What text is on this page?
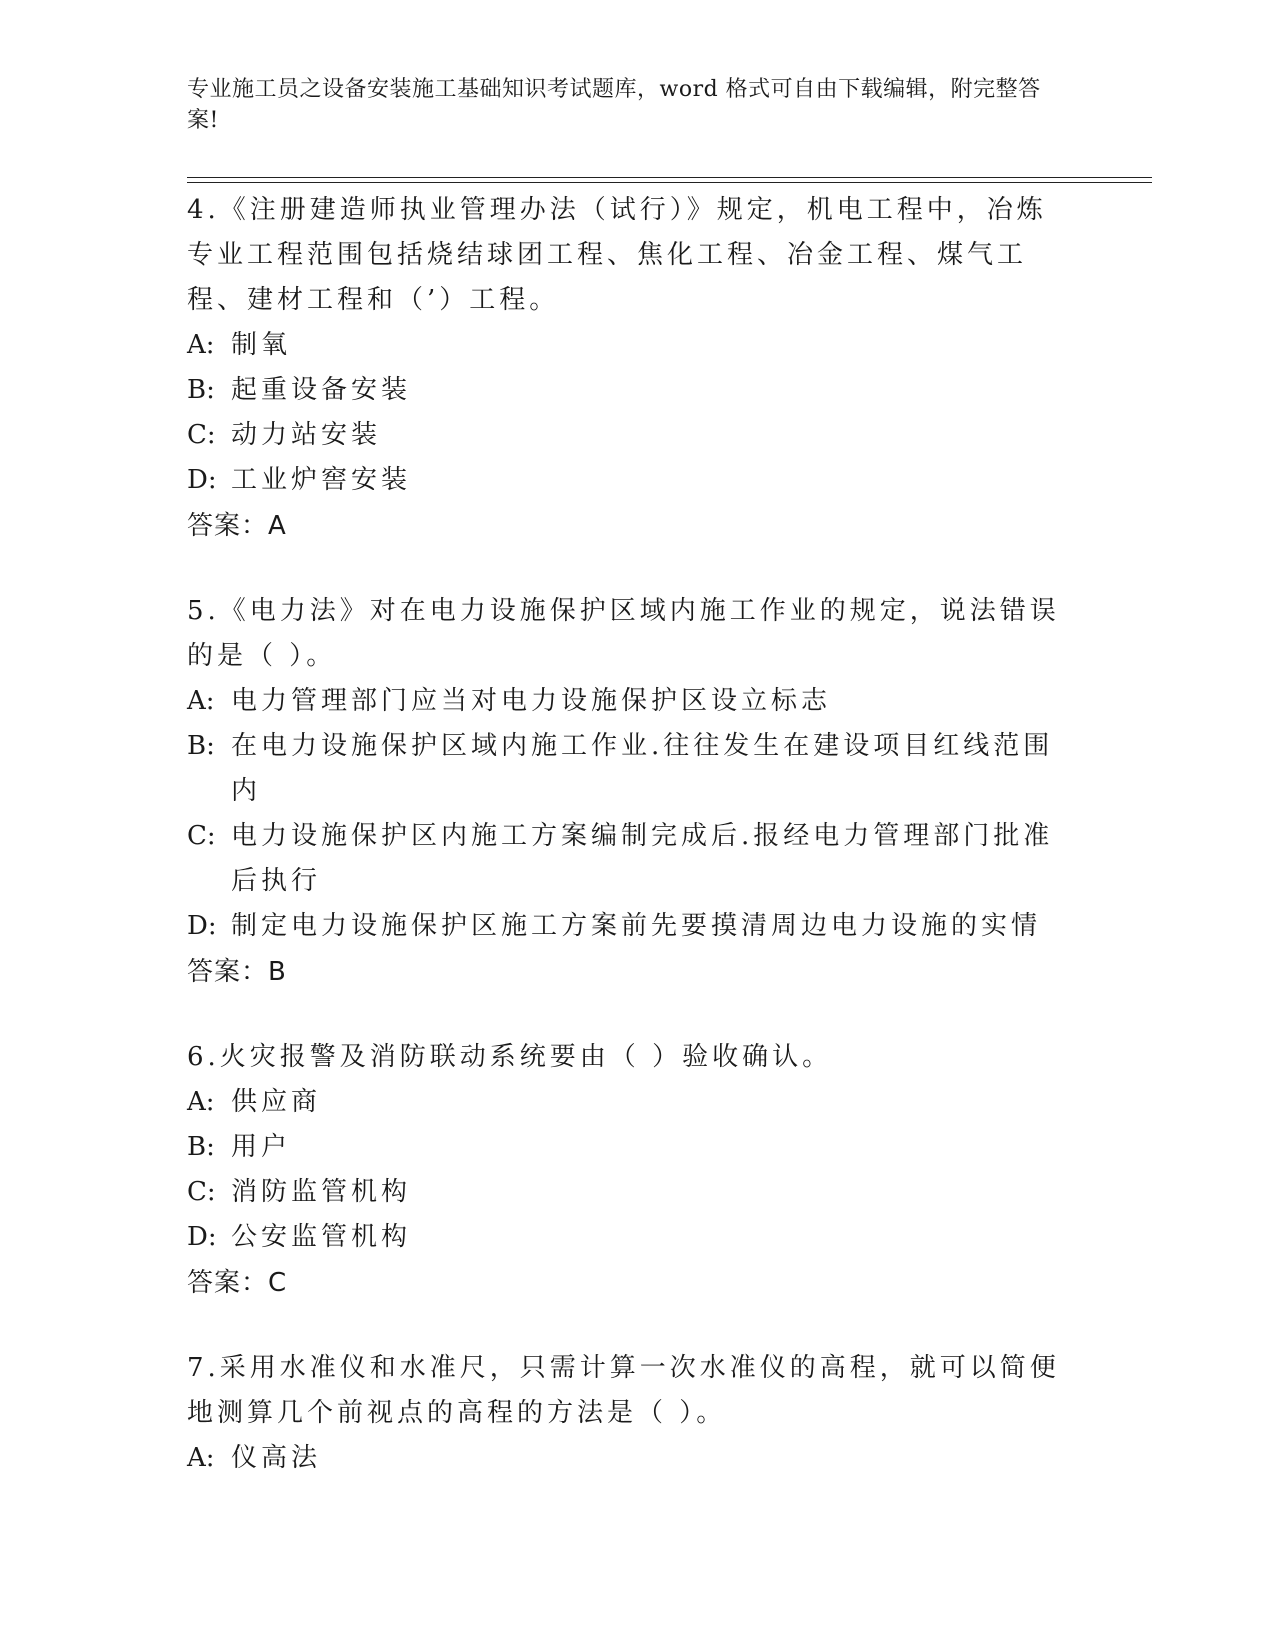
专业施工员之设备安装施工基础知识考试题库，word 格式可自由下载编辑，附完整答案!
4.《注册建造师执业管理办法（试行）》规定，机电工程中，冶炼专业工程范围包括烧结球团工程、焦化工程、冶金工程、煤气工程、建材工程和（’）工程。
A: 制氧
B: 起重设备安装
C: 动力站安装
D: 工业炉窖安装
答案：A
5.《电力法》对在电力设施保护区域内施工作业的规定，说法错误的是（ ）。
A: 电力管理部门应当对电力设施保护区设立标志
B: 在电力设施保护区域内施工作业.往往发生在建设项目红线范围内
C: 电力设施保护区内施工方案编制完成后.报经电力管理部门批准后执行
D: 制定电力设施保护区施工方案前先要摸清周边电力设施的实情
答案：B
6.火灾报警及消防联动系统要由（ ）验收确认。
A: 供应商
B: 用户
C: 消防监管机构
D: 公安监管机构
答案：C
7.采用水准仪和水准尺，只需计算一次水准仪的高程，就可以简便地测算几个前视点的高程的方法是（ ）。
A: 仪高法
